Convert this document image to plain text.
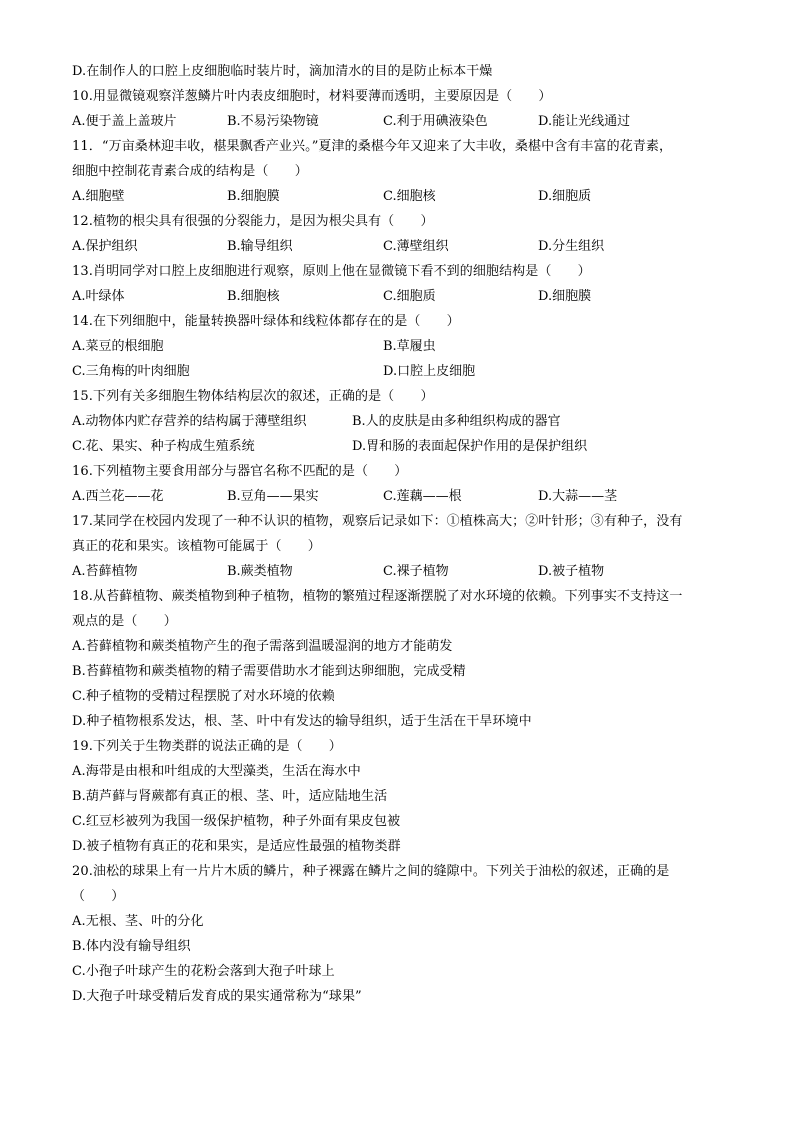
D.在制作人的口腔上皮细胞临时装片时，滴加清水的目的是防止标本干燥
10.用显微镜观察洋葱鳞片叶内表皮细胞时，材料要薄而透明，主要原因是（　　）
A.便于盖上盖玻片	B.不易污染物镜	C.利于用碘液染色	D.能让光线通过
11．“万亩桑林迎丰收，椹果飘香产业兴。”夏津的桑椹今年又迎来了大丰收，桑椹中含有丰富的花青素，
细胞中控制花青素合成的结构是（　　）
A.细胞壁	B.细胞膜	C.细胞核	D.细胞质
12.植物的根尖具有很强的分裂能力，是因为根尖具有（　　）
A.保护组织	B.输导组织	C.薄壁组织	D.分生组织
13.肖明同学对口腔上皮细胞进行观察，原则上他在显微镜下看不到的细胞结构是（　　）
A.叶绿体	B.细胞核	C.细胞质	D.细胞膜
14.在下列细胞中，能量转换器叶绿体和线粒体都存在的是（　　）
A.菜豆的根细胞	B.草履虫
C.三角梅的叶肉细胞	D.口腔上皮细胞
15.下列有关多细胞生物体结构层次的叙述，正确的是（　　）
A.动物体内贮存营养的结构属于薄壁组织	B.人的皮肤是由多种组织构成的器官
C.花、果实、种子构成生殖系统	D.胃和肠的表面起保护作用的是保护组织
16.下列植物主要食用部分与器官名称不匹配的是（　　）
A.西兰花——花	B.豆角——果实	C.莲藕——根	D.大蒜——茎
17.某同学在校园内发现了一种不认识的植物，观察后记录如下：①植株高大；②叶针形；③有种子，没有
真正的花和果实。该植物可能属于（　　）
A.苔藓植物	B.蕨类植物	C.裸子植物	D.被子植物
18.从苔藓植物、蕨类植物到种子植物，植物的繁殖过程逐渐摆脱了对水环境的依赖。下列事实不支持这一
观点的是（　　）
A.苔藓植物和蕨类植物产生的孢子需落到温暖湿润的地方才能萌发
B.苔藓植物和蕨类植物的精子需要借助水才能到达卵细胞，完成受精
C.种子植物的受精过程摆脱了对水环境的依赖
D.种子植物根系发达，根、茎、叶中有发达的输导组织，适于生活在干旱环境中
19.下列关于生物类群的说法正确的是（　　）
A.海带是由根和叶组成的大型藻类，生活在海水中
B.葫芦藓与肾蕨都有真正的根、茎、叶，适应陆地生活
C.红豆杉被列为我国一级保护植物，种子外面有果皮包被
D.被子植物有真正的花和果实，是适应性最强的植物类群
20.油松的球果上有一片片木质的鳞片，种子裸露在鳞片之间的缝隙中。下列关于油松的叙述，正确的是
（　　）
A.无根、茎、叶的分化
B.体内没有输导组织
C.小孢子叶球产生的花粉会落到大孢子叶球上
D.大孢子叶球受精后发育成的果实通常称为“球果”
